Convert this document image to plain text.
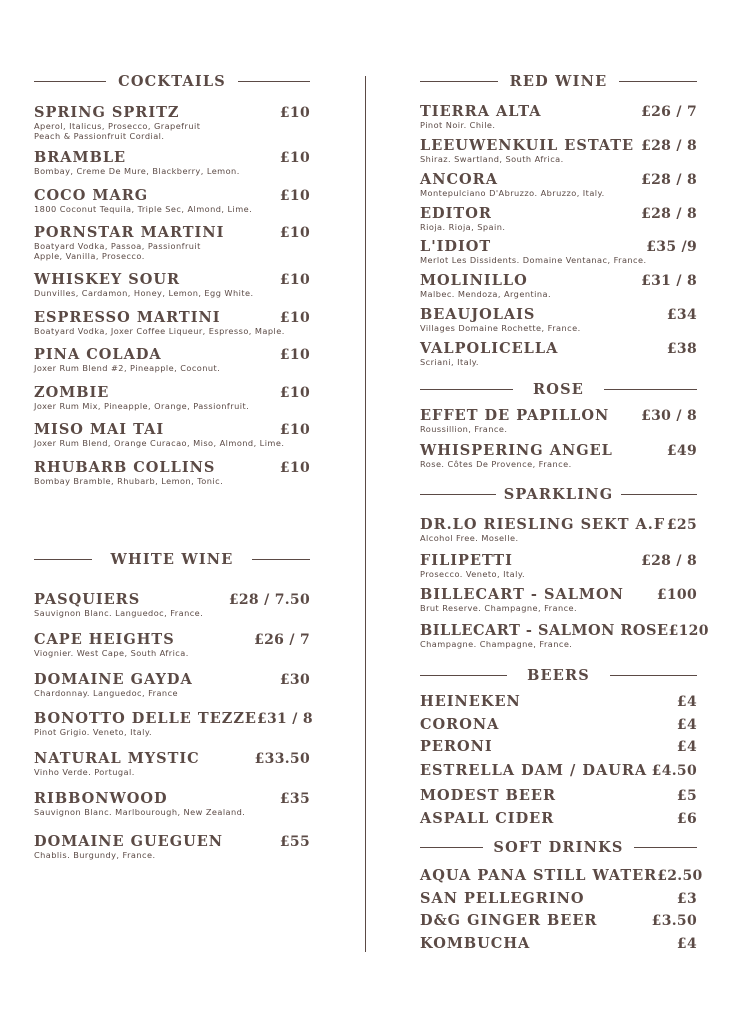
COCKTAILS
SPRING SPRITZ	£10
Aperol, Italicus, Prosecco, Grapefruit
Peach & Passionfruit Cordial.
BRAMBLE	£10
Bombay, Creme De Mure, Blackberry, Lemon.
COCO MARG	£10
1800 Coconut Tequila, Triple Sec, Almond, Lime.
PORNSTAR MARTINI	£10
Boatyard Vodka, Passoa, Passionfruit
Apple, Vanilla, Prosecco.
WHISKEY SOUR	£10
Dunvilles, Cardamon, Honey, Lemon, Egg White.
ESPRESSO MARTINI	£10
Boatyard Vodka, Joxer Coffee Liqueur, Espresso, Maple.
PINA COLADA	£10
Joxer Rum Blend #2, Pineapple, Coconut.
ZOMBIE	£10
Joxer Rum Mix, Pineapple, Orange, Passionfruit.
MISO MAI TAI	£10
Joxer Rum Blend, Orange Curacao, Miso, Almond, Lime.
RHUBARB COLLINS	£10
Bombay Bramble, Rhubarb, Lemon, Tonic.
WHITE WINE
PASQUIERS	£28 / 7.50
Sauvignon Blanc. Languedoc, France.
CAPE HEIGHTS	£26 / 7
Viognier. West Cape, South Africa.
DOMAINE GAYDA	£30
Chardonnay. Languedoc, France
BONOTTO DELLE TEZZE £31 / 8
Pinot Grigio. Veneto, Italy.
NATURAL MYSTIC	£33.50
Vinho Verde. Portugal.
RIBBONWOOD	£35
Sauvignon Blanc. Marlbourough, New Zealand.
DOMAINE GUEGUEN	£55
Chablis. Burgundy, France.
RED WINE
TIERRA ALTA	£26 / 7
Pinot Noir. Chile.
LEEUWENKUIL ESTATE £28 / 8
Shiraz. Swartland, South Africa.
ANCORA	£28 / 8
Montepulciano D'Abruzzo. Abruzzo, Italy.
EDITOR	£28 / 8
Rioja. Rioja, Spain.
L'IDIOT	£35 /9
Merlot Les Dissidents. Domaine Ventanac, France.
MOLINILLO	£31 / 8
Malbec. Mendoza, Argentina.
BEAUJOLAIS	£34
Villages Domaine Rochette, France.
VALPOLICELLA	£38
Scriani, Italy.
ROSE
EFFET DE PAPILLON £30 / 8
Roussillion, France.
WHISPERING ANGEL	£49
Rose. Côtes De Provence, France.
SPARKLING
DR.LO RIESLING SEKT A.F £25
Alcohol Free. Moselle.
FILIPETTI	£28 / 8
Prosecco. Veneto, Italy.
BILLECART - SALMON £100
Brut Reserve. Champagne, France.
BILLECART - SALMON ROSE £120
Champagne. Champagne, France.
BEERS
HEINEKEN	£4
CORONA	£4
PERONI	£4
ESTRELLA DAM / DAURA £4.50
MODEST BEER	£5
ASPALL CIDER	£6
SOFT DRINKS
AQUA PANA STILL WATER £2.50
SAN PELLEGRINO	£3
D&G GINGER BEER	£3.50
KOMBUCHA	£4
